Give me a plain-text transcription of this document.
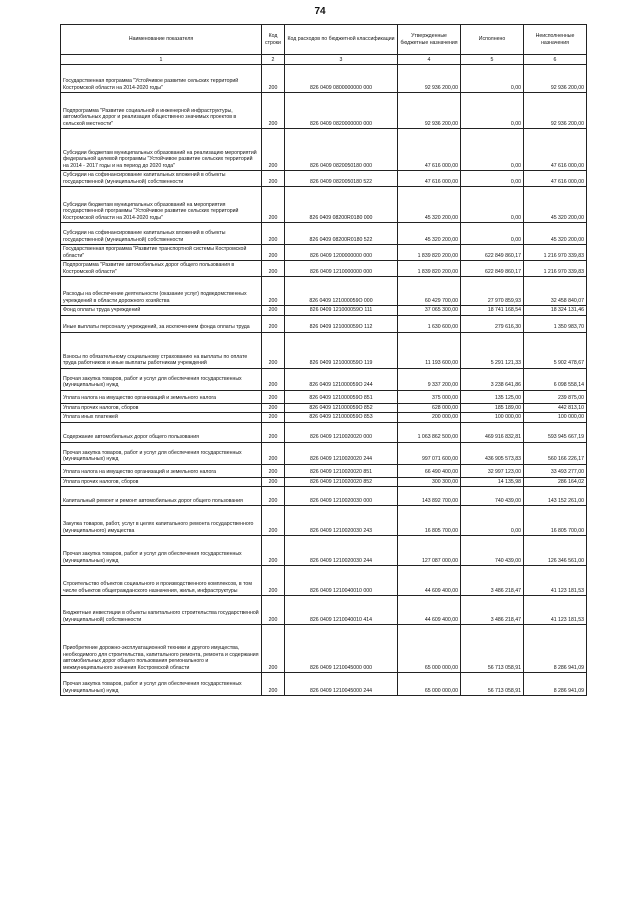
74
Наименование показателя	Код строки	Код расходов по бюджетной классификации	Утвержденные бюджетные назначения	Исполнено	Неисполненные назначения
1	2	3	4	5	6
Государственная программа "Устойчивое развитие сельских территорий Костромской области на 2014-2020 годы"	200	826 0409 0800000000 000	92 936 200,00	0,00	92 936 200,00
Подпрограмма "Развитие социальной и инженерной инфраструктуры, автомобильных дорог и реализация общественно значимых проектов в сельской местности"	200	826 0409 0820000000 000	92 936 200,00	0,00	92 936 200,00
Субсидии бюджетам муниципальных образований на реализацию мероприятий федеральной целевой программы "Устойчивое развитие сельских территорий на 2014 - 2017 годы и на период до 2020 года"	200	826 0409 0820050180 000	47 616 000,00	0,00	47 616 000,00
Субсидии на софинансирование капитальных вложений в объекты государственной (муниципальной) собственности	200	826 0409 0820050180 522	47 616 000,00	0,00	47 616 000,00
Субсидии бюджетам муниципальных образований на мероприятия государственной программы "Устойчивое развитие сельских территорий Костромской области на 2014-2020 годы"	200	826 0409 08200R0180 000	45 320 200,00	0,00	45 320 200,00
Субсидии на софинансирование капитальных вложений в объекты государственной (муниципальной) собственности	200	826 0409 08200R0180 522	45 320 200,00	0,00	45 320 200,00
Государственная программа "Развитие транспортной системы Костромской области"	200	826 0409 1200000000 000	1 839 820 200,00	622 849 860,17	1 216 970 339,83
Подпрограмма "Развитие автомобильных дорог общего пользования в Костромской области"	200	826 0409 1210000000 000	1 839 820 200,00	622 849 860,17	1 216 970 339,83
Расходы на обеспечение деятельности (оказание услуг) подведомственных учреждений в области дорожного хозяйства	200	826 0409 121000059О 000	60 429 700,00	27 970 859,93	32 458 840,07
Фонд оплаты труда учреждений	200	826 0409 121000059О 111	37 065 300,00	18 741 168,54	18 324 131,46
Иные выплаты персоналу учреждений, за исключением фонда оплаты труда	200	826 0409 121000059О 112	1 630 600,00	279 616,30	1 350 983,70
Взносы по обязательному социальному страхованию на выплаты по оплате труда работников и иные выплаты работникам учреждений	200	826 0409 121000059О 119	11 193 600,00	5 291 121,33	5 902 478,67
Прочая закупка товаров, работ и услуг для обеспечения государственных (муниципальных) нужд	200	826 0409 121000059О 244	9 337 200,00	3 238 641,86	6 098 558,14
Уплата налога на имущество организаций и земельного налога	200	826 0409 121000059О 851	375 000,00	135 125,00	239 875,00
Уплата прочих налогов, сборов	200	826 0409 121000059О 852	628 000,00	185 189,00	442 813,10
Уплата иных платежей	200	826 0409 121000059О 853	200 000,00	100 000,00	100 000,00
Содержание автомобильных дорог общего пользования	200	826 0409 1210020020 000	1 063 862 500,00	469 916 832,81	593 945 667,19
Прочая закупка товаров, работ и услуг для обеспечения государственных (муниципальных) нужд	200	826 0409 1210020020 244	997 071 600,00	436 905 573,83	560 166 226,17
Уплата налога на имущество организаций и земельного налога	200	826 0409 1210020020 851	66 490 400,00	32 997 123,00	33 493 277,00
Уплата прочих налогов, сборов	200	826 0409 1210020020 852	300 300,00	14 135,98	286 164,02
Капитальный ремонт и ремонт автомобильных дорог общего пользования	200	826 0409 1210020030 000	143 892 700,00	740 439,00	143 152 261,00
Закупка товаров, работ, услуг в целях капитального ремонта государственного (муниципального) имущества	200	826 0409 1210020030 243	16 805 700,00	0,00	16 805 700,00
Прочая закупка товаров, работ и услуг для обеспечения государственных (муниципальных) нужд	200	826 0409 1210020030 244	127 087 000,00	740 439,00	126 346 561,00
Строительство объектов социального и производственного комплексов, в том числе объектов общегражданского назначения, жилья, инфраструктуры	200	826 0409 1210040010 000	44 609 400,00	3 486 218,47	41 123 181,53
Бюджетные инвестиции в объекты капитального строительства государственной (муниципальной) собственности	200	826 0409 1210040010 414	44 609 400,00	3 486 218,47	41 123 181,53
Приобретение дорожно-эксплуатационной техники и другого имущества, необходимого для строительства, капитального ремонта, ремонта и содержания автомобильных дорог общего пользования регионального и межмуниципального значения Костромской области	200	826 0409 1210045000 000	65 000 000,00	56 713 058,91	8 286 941,09
Прочая закупка товаров, работ и услуг для обеспечения государственных (муниципальных) нужд	200	826 0409 1210045000 244	65 000 000,00	56 713 058,91	8 286 941,09
